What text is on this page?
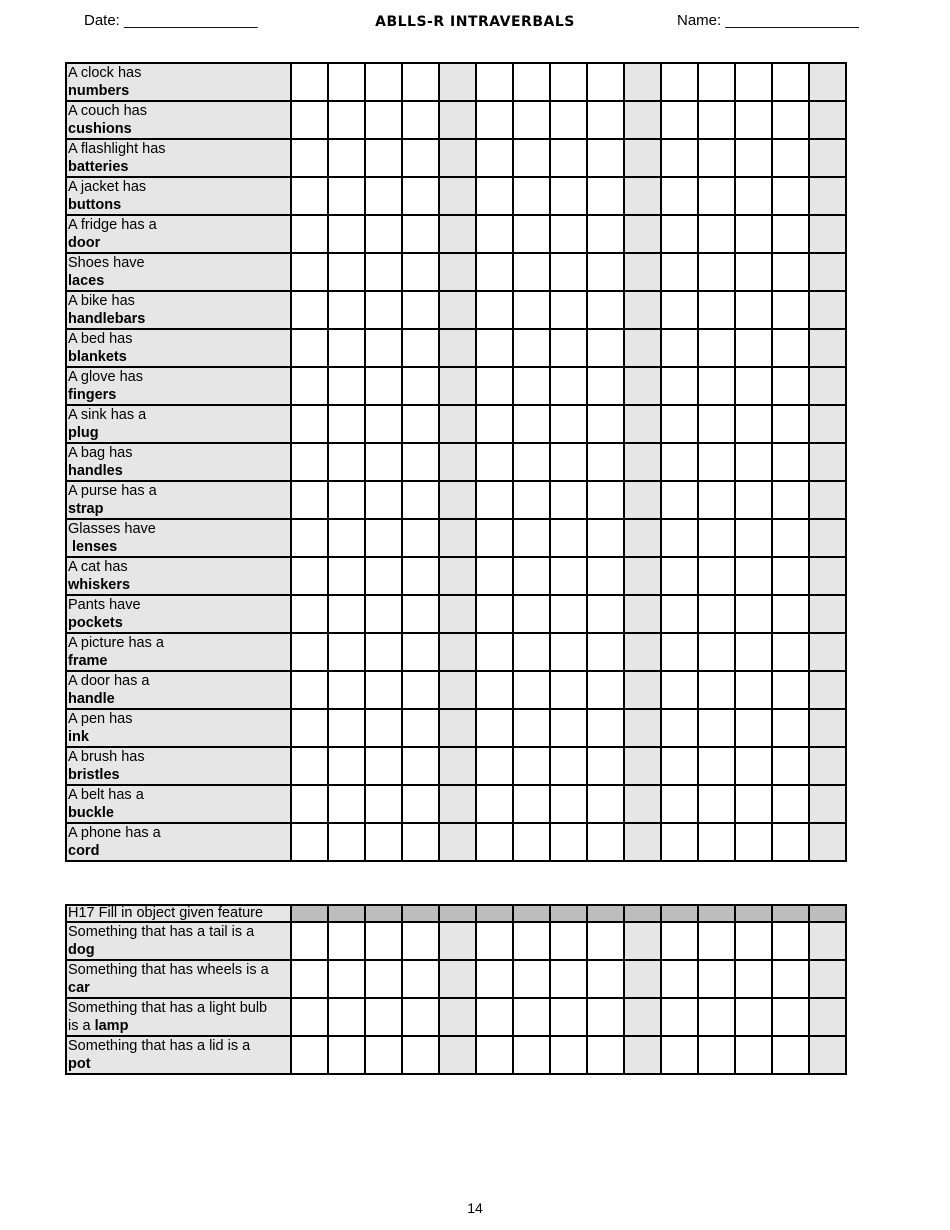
Date: ________________	ABLLS-R INTRAVERBALS	Name: ________________
A clock has
numbers															

A couch has
cushions															

A flashlight has
batteries															

A jacket has
buttons															

A fridge has a
door															

Shoes have
laces															

A bike has
handlebars															

A bed has
blankets															

A glove has
fingers															

A sink has a
plug															

A bag has
handles															

A purse has a
strap															

Glasses have
lenses															

A cat has
whiskers															

Pants have
pockets															

A picture has a
frame															

A door has a
handle															

A pen has
ink															

A brush has
bristles															

A belt has a
buckle															

A phone has a
cord															

H17 Fill in object given feature															

Something that has a tail is a
dog															

Something that has wheels is a
car															

Something that has a light bulb
is a lamp															

Something that has a lid is a
pot															

14
